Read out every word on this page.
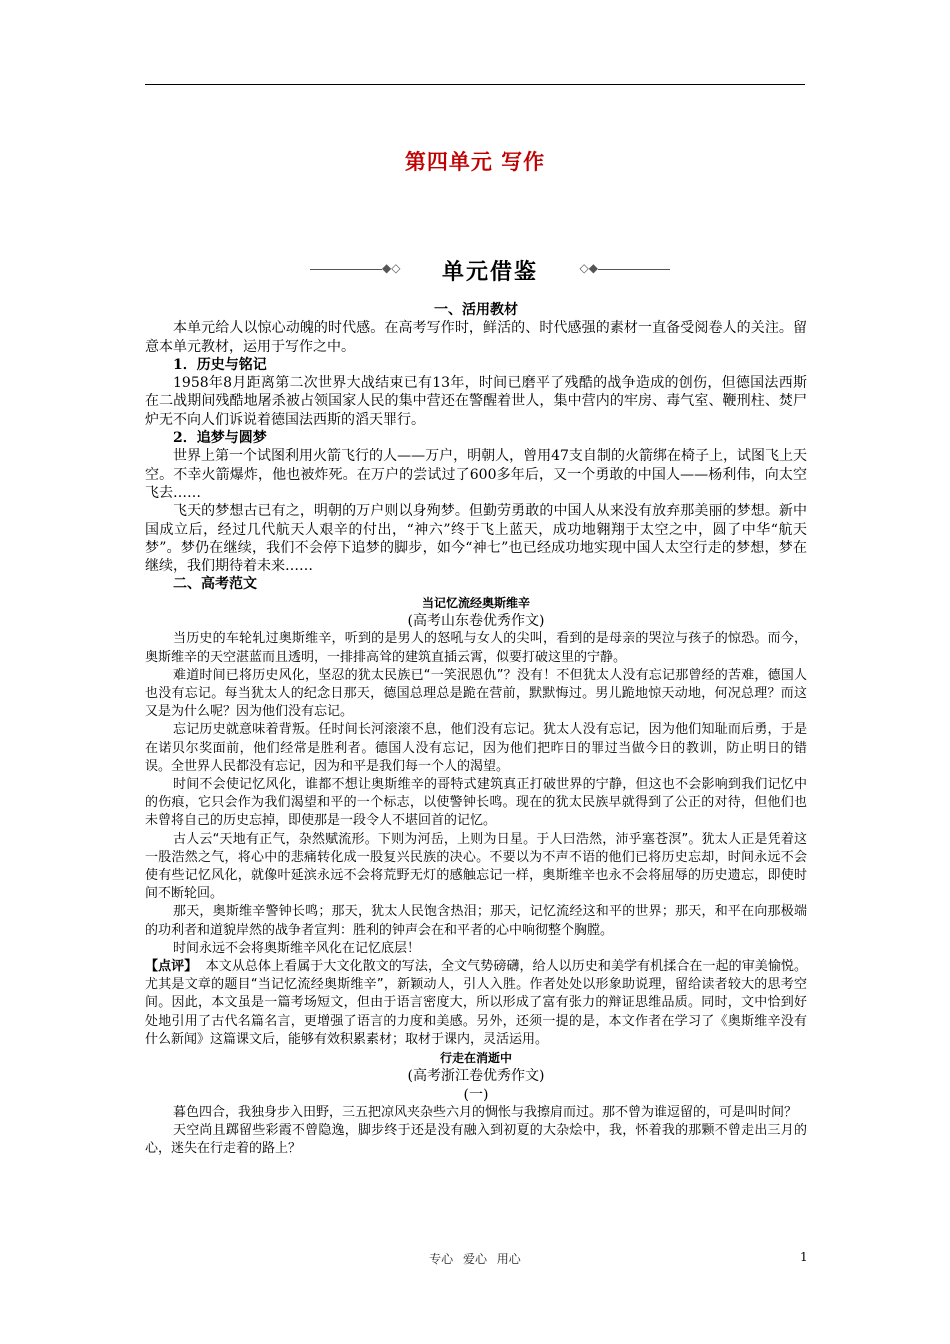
第四单元 写作
◆◇	单元借鉴	◇◆

一、活用教材

本单元给人以惊心动魄的时代感。在高考写作时，鲜活的、时代感强的素材一直备受阅卷人的关注。留意本单元教材，运用于写作之中。

1．历史与铭记

1958年8月距离第二次世界大战结束已有13年，时间已磨平了残酷的战争造成的创伤，但德国法西斯在二战期间残酷地屠杀被占领国家人民的集中营还在警醒着世人，集中营内的牢房、毒气室、鞭刑柱、焚尸炉无不向人们诉说着德国法西斯的滔天罪行。

2．追梦与圆梦

世界上第一个试图利用火箭飞行的人——万户，明朝人，曾用47支自制的火箭绑在椅子上，试图飞上天空。不幸火箭爆炸，他也被炸死。在万户的尝试过了600多年后，又一个勇敢的中国人——杨利伟，向太空飞去……

飞天的梦想古已有之，明朝的万户则以身殉梦。但勤劳勇敢的中国人从来没有放弃那美丽的梦想。新中国成立后，经过几代航天人艰辛的付出，“神六”终于飞上蓝天，成功地翱翔于太空之中，圆了中华“航天梦”。梦仍在继续，我们不会停下追梦的脚步，如今“神七”也已经成功地实现中国人太空行走的梦想，梦在继续，我们期待着未来……

二、高考范文

当记忆流经奥斯维辛

(高考山东卷优秀作文)

当历史的车轮轧过奥斯维辛，听到的是男人的怒吼与女人的尖叫，看到的是母亲的哭泣与孩子的惊恐。而今，奥斯维辛的天空湛蓝而且透明，一排排高耸的建筑直插云霄，似要打破这里的宁静。

难道时间已将历史风化，坚忍的犹太民族已“一笑泯恩仇”？没有！不但犹太人没有忘记那曾经的苦难，德国人也没有忘记。每当犹太人的纪念日那天，德国总理总是跪在营前，默默悔过。男儿跪地惊天动地，何况总理？而这又是为什么呢？因为他们没有忘记。

忘记历史就意味着背叛。任时间长河滚滚不息，他们没有忘记。犹太人没有忘记，因为他们知耻而后勇，于是在诺贝尔奖面前，他们经常是胜利者。德国人没有忘记，因为他们把昨日的罪过当做今日的教训，防止明日的错误。全世界人民都没有忘记，因为和平是我们每一个人的渴望。

时间不会使记忆风化，谁都不想让奥斯维辛的哥特式建筑真正打破世界的宁静，但这也不会影响到我们记忆中的伤痕，它只会作为我们渴望和平的一个标志，以使警钟长鸣。现在的犹太民族早就得到了公正的对待，但他们也未曾将自己的历史忘掉，即使那是一段令人不堪回首的记忆。

古人云“天地有正气，杂然赋流形。下则为河岳，上则为日星。于人曰浩然，沛乎塞苍溟”。犹太人正是凭着这一股浩然之气，将心中的悲痛转化成一股复兴民族的决心。不要以为不声不语的他们已将历史忘却，时间永远不会使有些记忆风化，就像叶延滨永远不会将荒野无灯的感触忘记一样，奥斯维辛也永不会将屈辱的历史遗忘，即使时间不断轮回。

那天，奥斯维辛警钟长鸣；那天，犹太人民饱含热泪；那天，记忆流经这和平的世界；那天，和平在向那极端的功利者和道貌岸然的战争者宣判：胜利的钟声会在和平者的心中响彻整个胸膛。

时间永远不会将奥斯维辛风化在记忆底层！

【点评】 本文从总体上看属于大文化散文的写法，全文气势磅礴，给人以历史和美学有机揉合在一起的审美愉悦。尤其是文章的题目“当记忆流经奥斯维辛”，新颖动人，引人入胜。作者处处以形象助说理，留给读者较大的思考空间。因此，本文虽是一篇考场短文，但由于语言密度大，所以形成了富有张力的辩证思维品质。同时，文中恰到好处地引用了古代名篇名言，更增强了语言的力度和美感。另外，还须一提的是，本文作者在学习了《奥斯维辛没有什么新闻》这篇课文后，能够有效积累素材；取材于课内，灵活运用。

行走在消逝中

(高考浙江卷优秀作文)

(一)

暮色四合，我独身步入田野，三五把凉风夹杂些六月的惆怅与我擦肩而过。那不曾为谁逗留的，可是叫时间？

天空尚且踯留些彩霞不曾隐逸，脚步终于还是没有融入到初夏的大杂烩中，我，怀着我的那颗不曾走出三月的心，迷失在行走着的路上？

专心 爱心 用心	1
